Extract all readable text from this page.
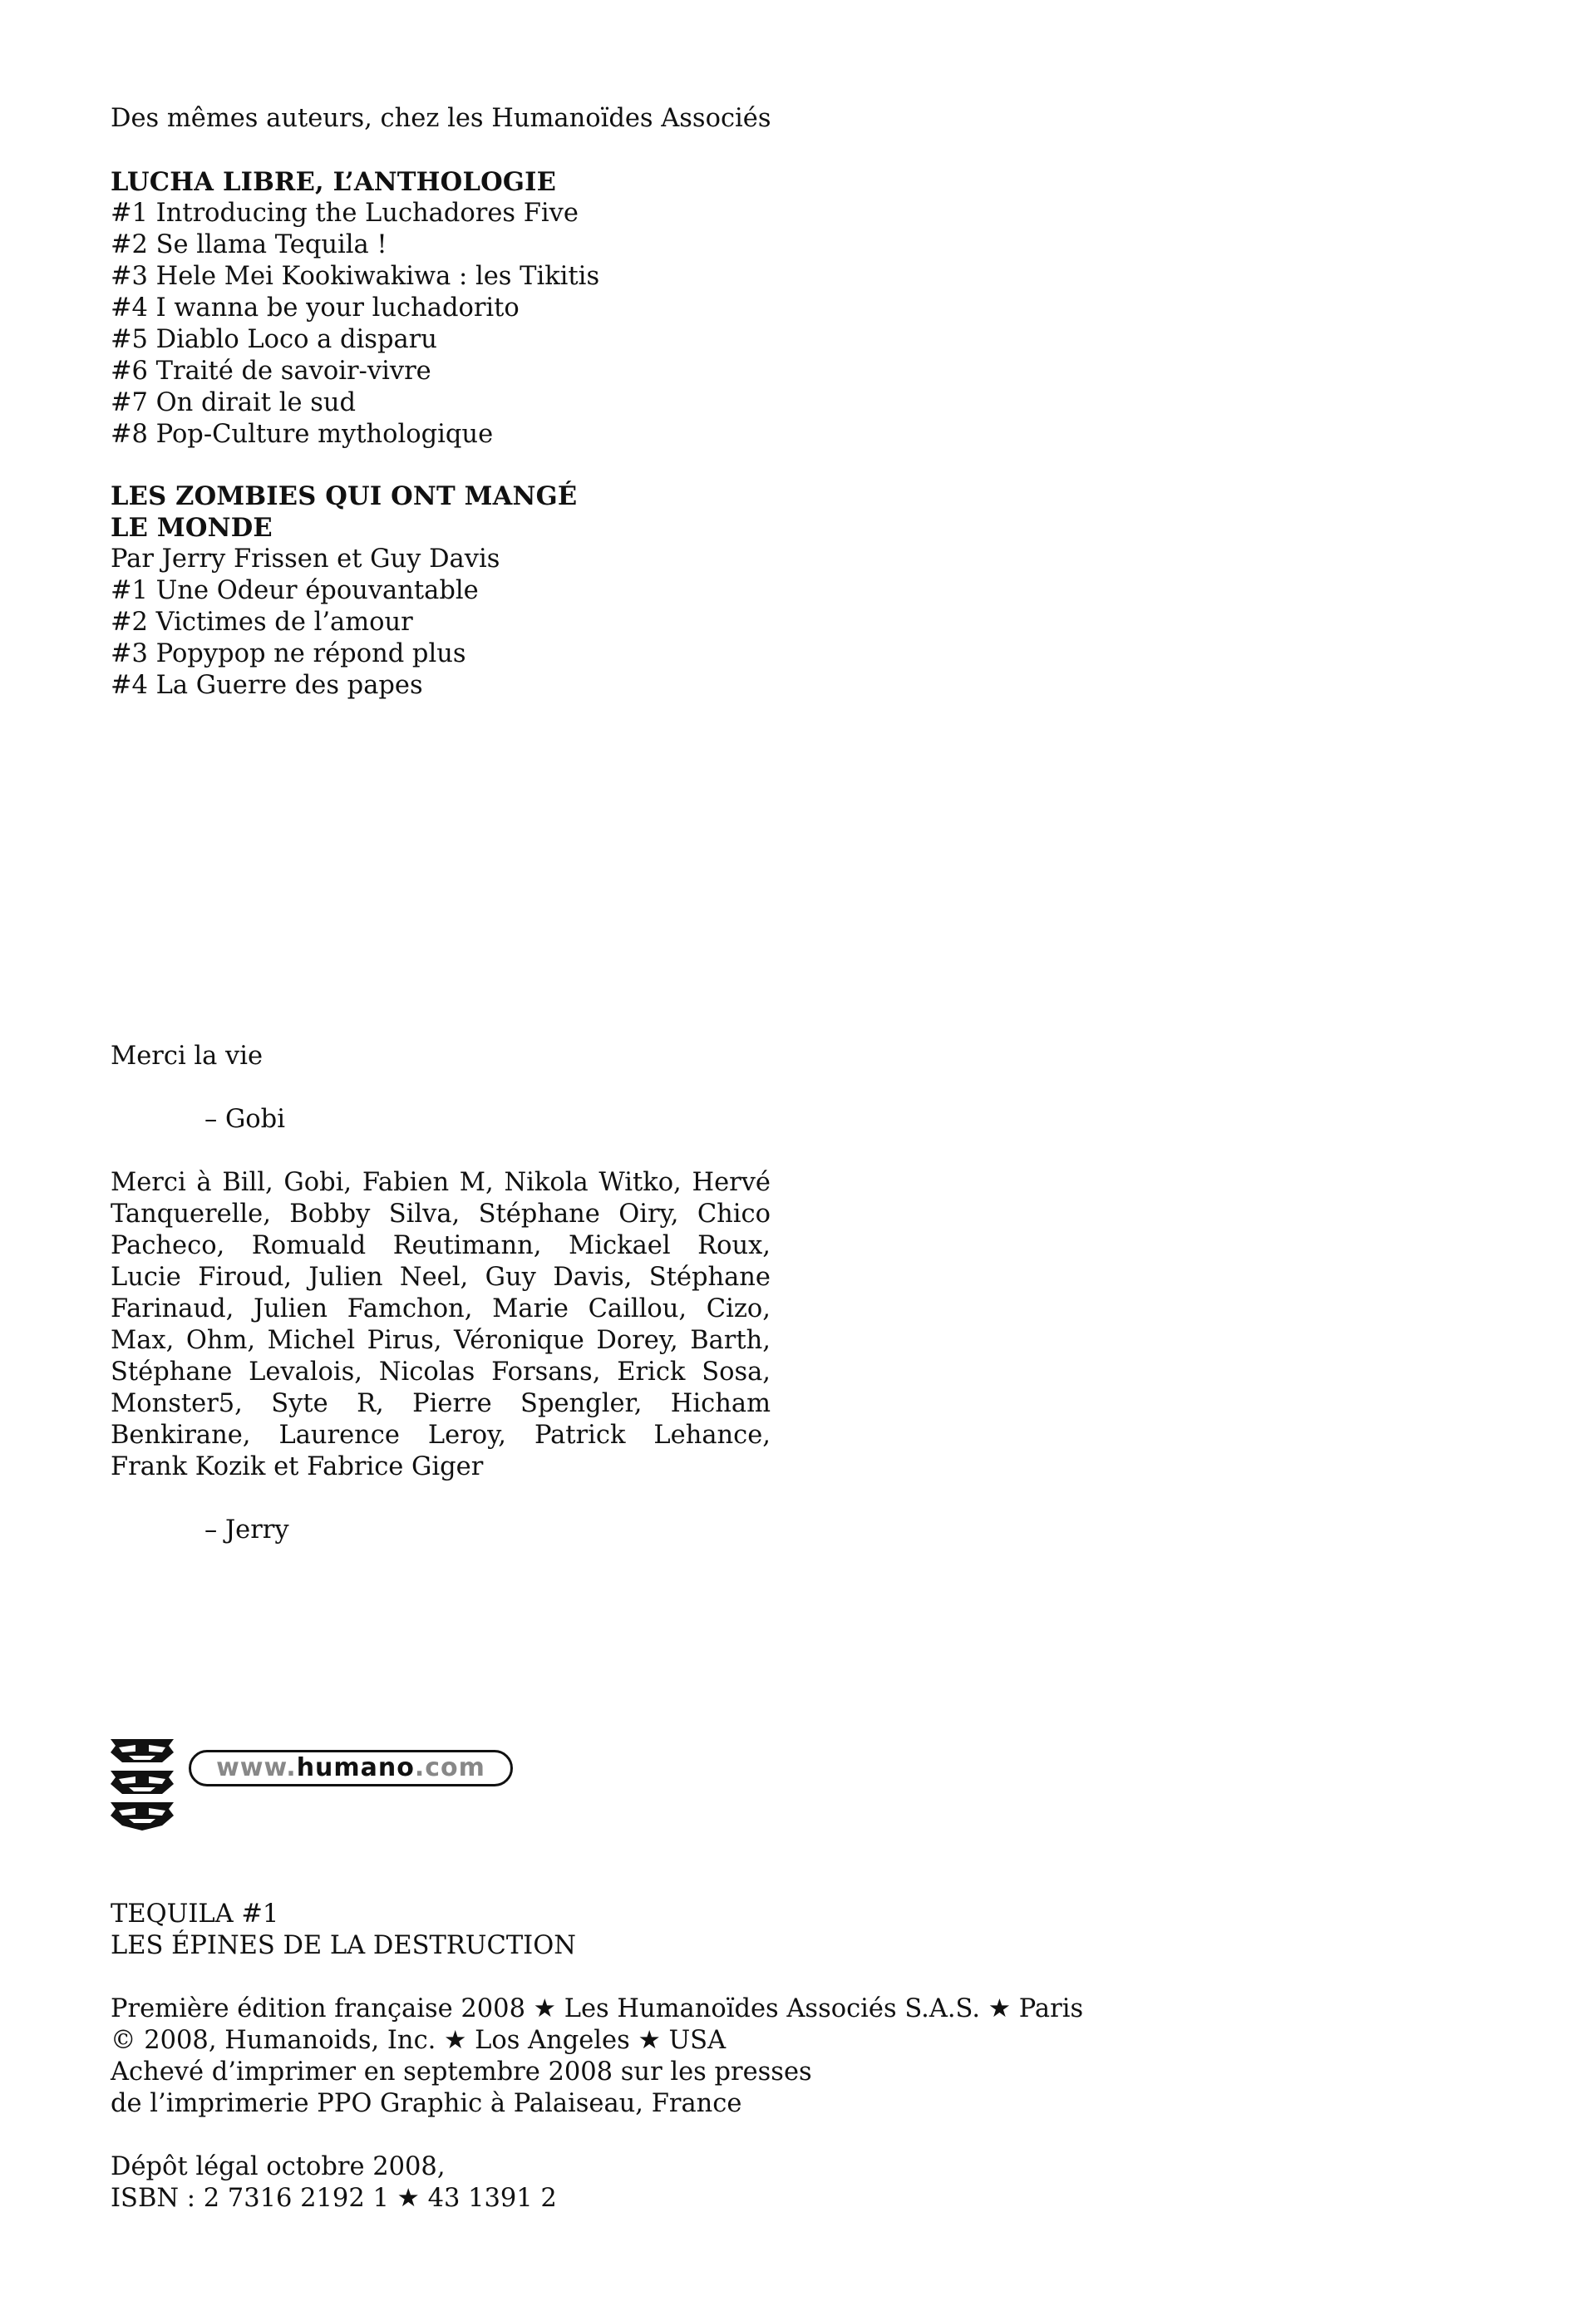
Des mêmes auteurs, chez les Humanoïdes Associés
LUCHA LIBRE, L’ANTHOLOGIE
#1 Introducing the Luchadores Five
#2 Se llama Tequila !
#3 Hele Mei Kookiwakiwa : les Tikitis
#4 I wanna be your luchadorito
#5 Diablo Loco a disparu
#6 Traité de savoir-vivre
#7 On dirait le sud
#8 Pop-Culture mythologique
LES ZOMBIES QUI ONT MANGÉ
LE MONDE
Par Jerry Frissen et Guy Davis
#1 Une Odeur épouvantable
#2 Victimes de l’amour
#3 Popypop ne répond plus
#4 La Guerre des papes
Merci la vie
– Gobi
Merci à Bill, Gobi, Fabien M, Nikola Witko, Hervé Tanquerelle, Bobby Silva, Stéphane Oiry, Chico Pacheco, Romuald Reutimann, Mickael Roux, Lucie Firoud, Julien Neel, Guy Davis, Stéphane Farinaud, Julien Famchon, Marie Caillou, Cizo, Max, Ohm, Michel Pirus, Véronique Dorey, Barth, Stéphane Levalois, Nicolas Forsans, Erick Sosa, Monster5, Syte R, Pierre Spengler, Hicham Benkirane, Laurence Leroy, Patrick Lehance, Frank Kozik et Fabrice Giger
– Jerry
www.humano.com
TEQUILA #1
LES ÉPINES DE LA DESTRUCTION
Première édition française 2008 ★ Les Humanoïdes Associés S.A.S. ★ Paris
© 2008, Humanoids, Inc. ★ Los Angeles ★ USA
Achevé d’imprimer en septembre 2008 sur les presses
de l’imprimerie PPO Graphic à Palaiseau, France
Dépôt légal octobre 2008,
ISBN : 2 7316 2192 1 ★ 43 1391 2
